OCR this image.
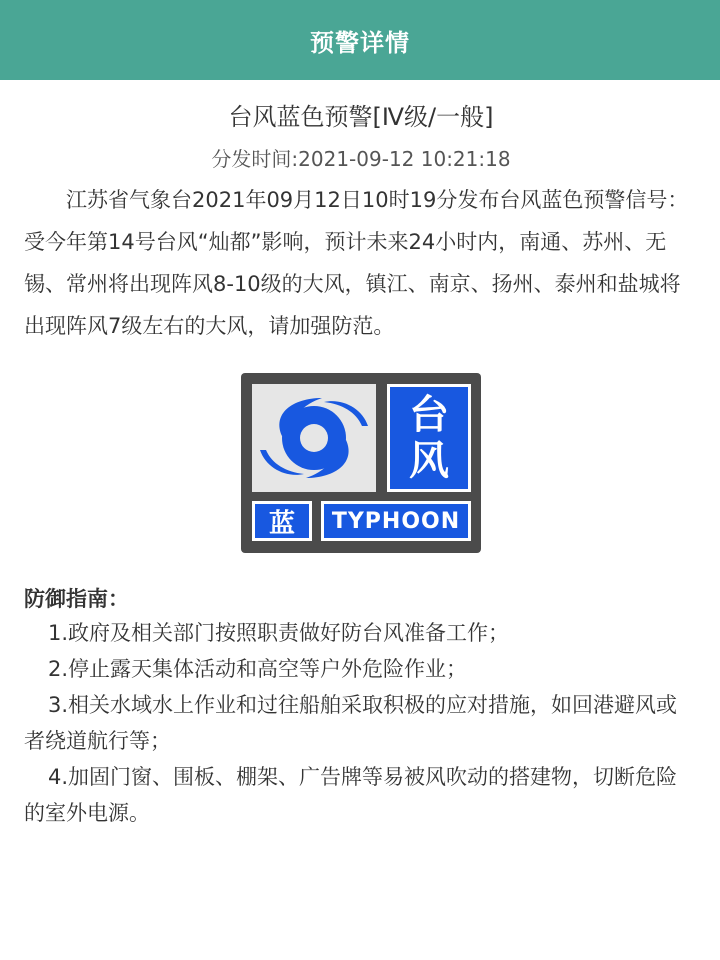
预警详情
台风蓝色预警[Ⅳ级/一般]
分发时间:2021-09-12 10:21:18
江苏省气象台2021年09月12日10时19分发布台风蓝色预警信号：受今年第14号台风“灿都”影响，预计未来24小时内，南通、苏州、无锡、常州将出现阵风8-10级的大风，镇江、南京、扬州、泰州和盐城将出现阵风7级左右的大风，请加强防范。
台
风
蓝	TYPHOON
防御指南：
1.政府及相关部门按照职责做好防台风准备工作；
2.停止露天集体活动和高空等户外危险作业；
3.相关水域水上作业和过往船舶采取积极的应对措施，如回港避风或者绕道航行等；
4.加固门窗、围板、棚架、广告牌等易被风吹动的搭建物，切断危险的室外电源。
